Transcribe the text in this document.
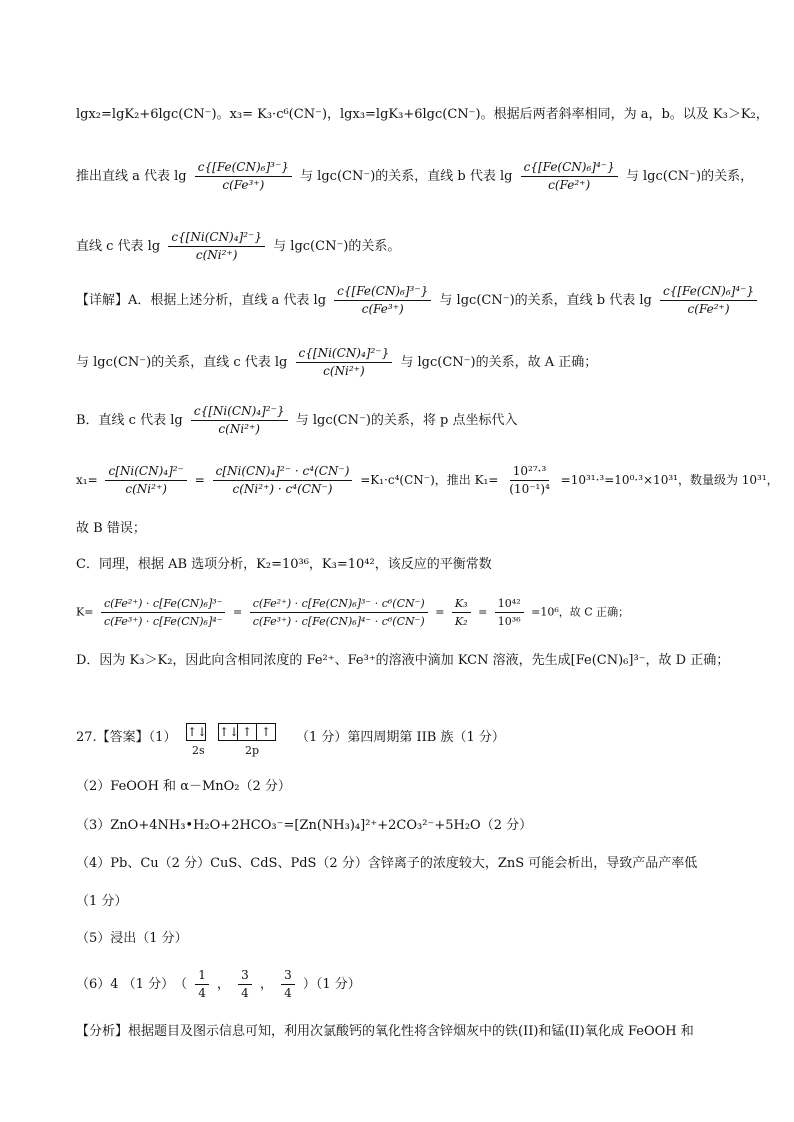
lgx₂=lgK₂+6lgc(CN⁻)。x₃= K₃·c⁶(CN⁻)，lgx₃=lgK₃+6lgc(CN⁻)。根据后两者斜率相同，为 a，b。以及 K₃＞K₂，
推出直线 a 代表 $\lg \frac{\text{c\{[Fe(CN)₆]³⁻\}}}{\text{c(Fe³⁺)}}$ 与 lgc(CN⁻)的关系，直线 b 代表 $\lg \frac{\text{c\{[Fe(CN)₆]⁴⁻\}}}{\text{c(Fe²⁺)}}$ 与 lgc(CN⁻)的关系，
直线 c 代表 $\lg \frac{\text{c\{[Ni(CN)₄]²⁻\}}}{\text{c(Ni²⁺)}}$ 与 lgc(CN⁻)的关系。
【详解】A．根据上述分析，直线 a 代表 $\lg \frac{\text{c\{[Fe(CN)₆]³⁻\}}}{\text{c(Fe³⁺)}}$ 与 lgc(CN⁻)的关系，直线 b 代表 $\lg \frac{\text{c\{[Fe(CN)₆]⁴⁻\}}}{\text{c(Fe²⁺)}}$
与 lgc(CN⁻)的关系，直线 c 代表 $\lg \frac{\text{c\{[Ni(CN)₄]²⁻\}}}{\text{c(Ni²⁺)}}$ 与 lgc(CN⁻)的关系，故 A 正确；
B．直线 c 代表 $\lg \frac{\text{c\{[Ni(CN)₄]²⁻\}}}{\text{c(Ni²⁺)}}$ 与 lgc(CN⁻)的关系，将 p 点坐标代入
$x_1= \frac{\text{c[Ni(CN)₄]²⁻}}{\text{c(Ni²⁺)}} = \frac{\text{c[Ni(CN)₄]²⁻ · c⁴(CN⁻)}}{\text{c(Ni²⁺) · c⁴(CN⁻)}} =K_1\cdot c^4(CN^-)$，推出 $K_1= \frac{\text{10²⁷·³}}{\text{(10⁻¹)⁴}} =10^{31}\cdot^3=10^0\cdot^3\times 10^{31}$，数量级为 10³¹，
故 B 错误；
C．同理，根据 AB 选项分析，K₂=10³⁶，K₃=10⁴²，该反应的平衡常数
$K= \frac{\text{c(Fe²⁺) · c[Fe(CN)₆]³⁻}}{\text{c(Fe³⁺) · c[Fe(CN)₆]⁴⁻}} = \frac{\text{c(Fe²⁺) · c[Fe(CN)₆]³⁻ · c⁶(CN⁻)}}{\text{c(Fe³⁺) · c[Fe(CN)₆]⁴⁻ · c⁶(CN⁻)}} = \frac{\text{K₃}}{\text{K₂}} = \frac{\text{10⁴²}}{\text{10³⁶}} =10^6$，故 C 正确；
D．因为 K₃＞K₂，因此向含相同浓度的 Fe²⁺、Fe³⁺的溶液中滴加 KCN 溶液，先生成[Fe(CN)₆]³⁻，故 D 正确；
27.【答案】（1） ↑↓ ↑↓ ↑ ↑
2s	2p
（1 分）第四周期第 IIB 族（1 分）
（2）FeOOH 和 α－MnO₂（2 分）
（3）ZnO+4NH₃•H₂O+2HCO₃⁻=[Zn(NH₃)₄]²⁺+2CO₃²⁻+5H₂O（2 分）
（4）Pb、Cu（2 分）CuS、CdS、PdS（2 分）含锌离子的浓度较大，ZnS 可能会析出，导致产品产率低
（1 分）
（5）浸出（1 分）
（6）4 （1 分）　（ $\frac{1}{4}$ ， $\frac{3}{4}$ ， $\frac{3}{4} )(1$ 分）
【分析】根据题目及图示信息可知，利用次氯酸钙的氧化性将含锌烟灰中的铁(II)和锰(II)氧化成 FeOOH 和
